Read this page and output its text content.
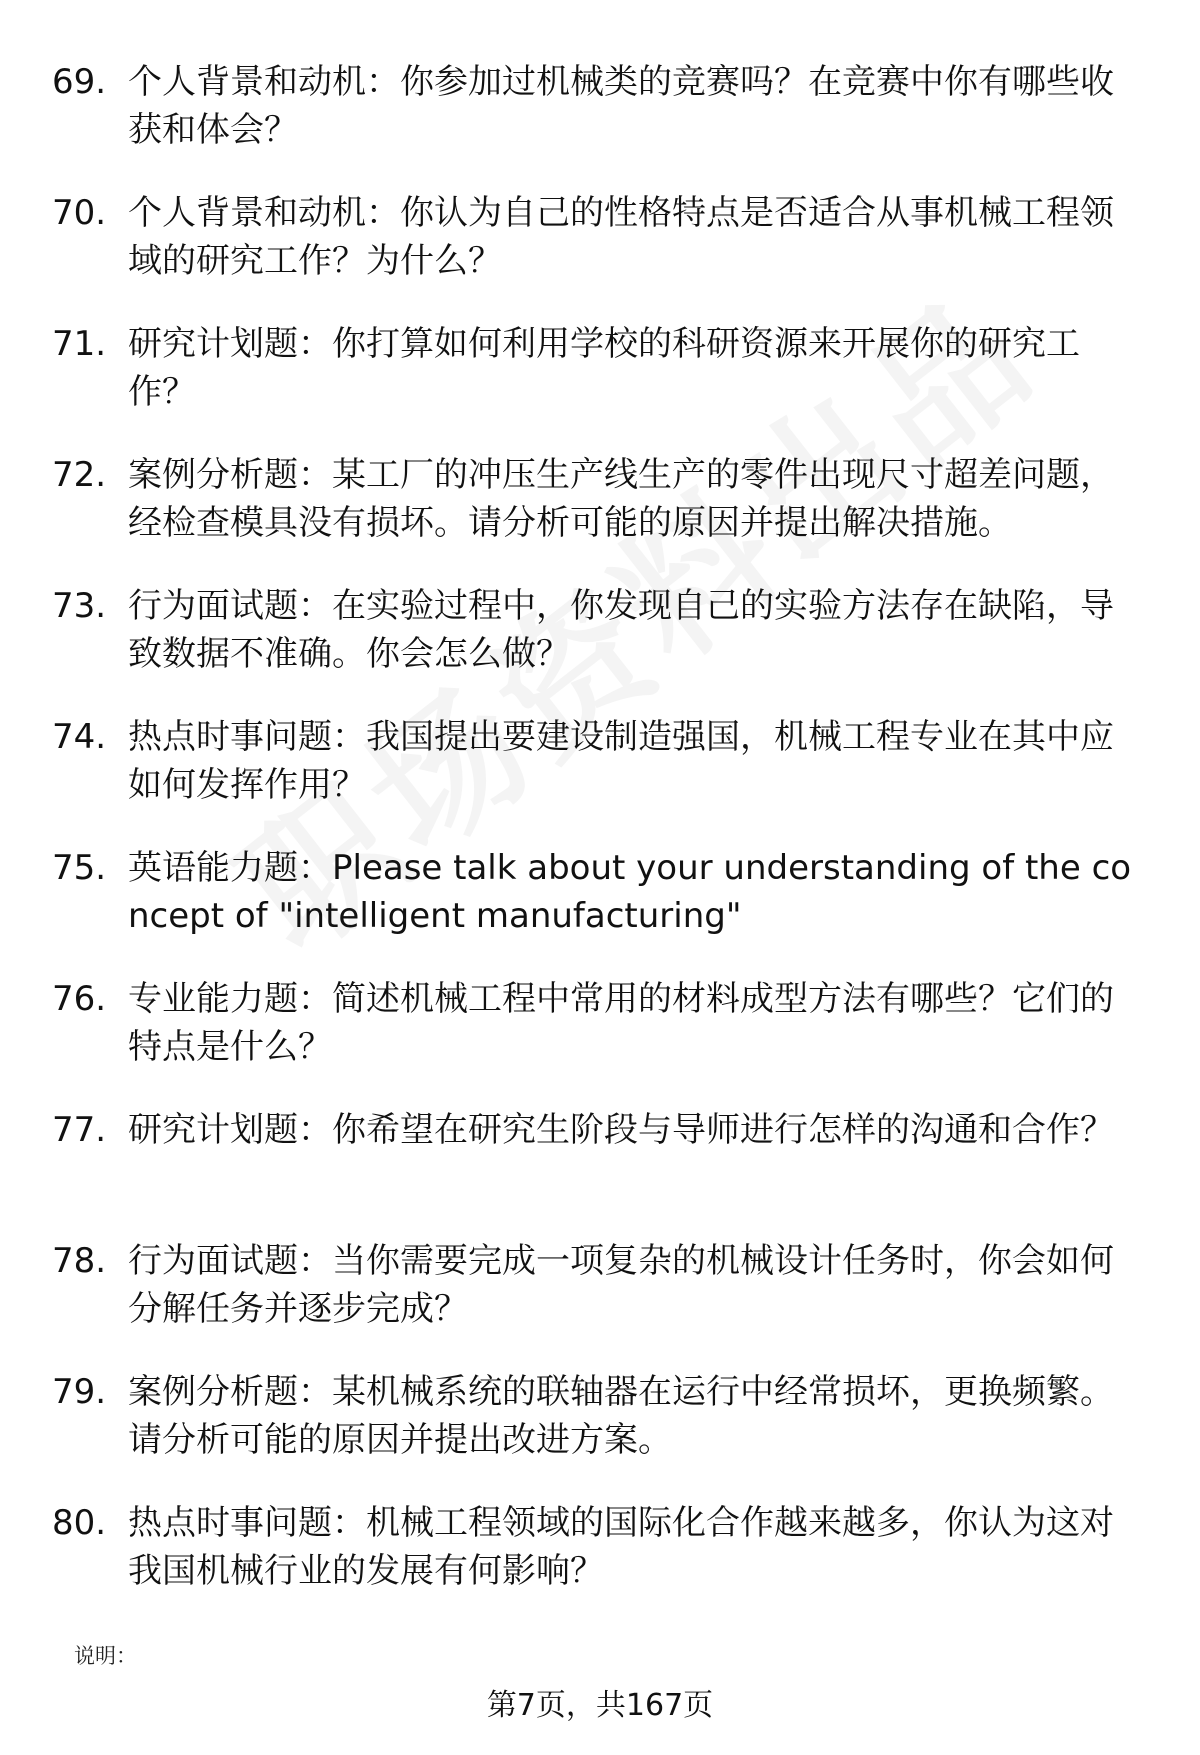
69. 个人背景和动机：你参加过机械类的竞赛吗？在竞赛中你有哪些收获和体会？
70. 个人背景和动机：你认为自己的性格特点是否适合从事机械工程领域的研究工作？为什么？
71. 研究计划题：你打算如何利用学校的科研资源来开展你的研究工作？
72. 案例分析题：某工厂的冲压生产线生产的零件出现尺寸超差问题，经检查模具没有损坏。请分析可能的原因并提出解决措施。
73. 行为面试题：在实验过程中，你发现自己的实验方法存在缺陷，导致数据不准确。你会怎么做？
74. 热点时事问题：我国提出要建设制造强国，机械工程专业在其中应如何发挥作用？
75. 英语能力题：Please talk about your understanding of the concept of "intelligent manufacturing"
76. 专业能力题：简述机械工程中常用的材料成型方法有哪些？它们的特点是什么？
77. 研究计划题：你希望在研究生阶段与导师进行怎样的沟通和合作？
78. 行为面试题：当你需要完成一项复杂的机械设计任务时，你会如何分解任务并逐步完成？
79. 案例分析题：某机械系统的联轴器在运行中经常损坏，更换频繁。请分析可能的原因并提出改进方案。
80. 热点时事问题：机械工程领域的国际化合作越来越多，你认为这对我国机械行业的发展有何影响？
说明：
第7页，共167页
